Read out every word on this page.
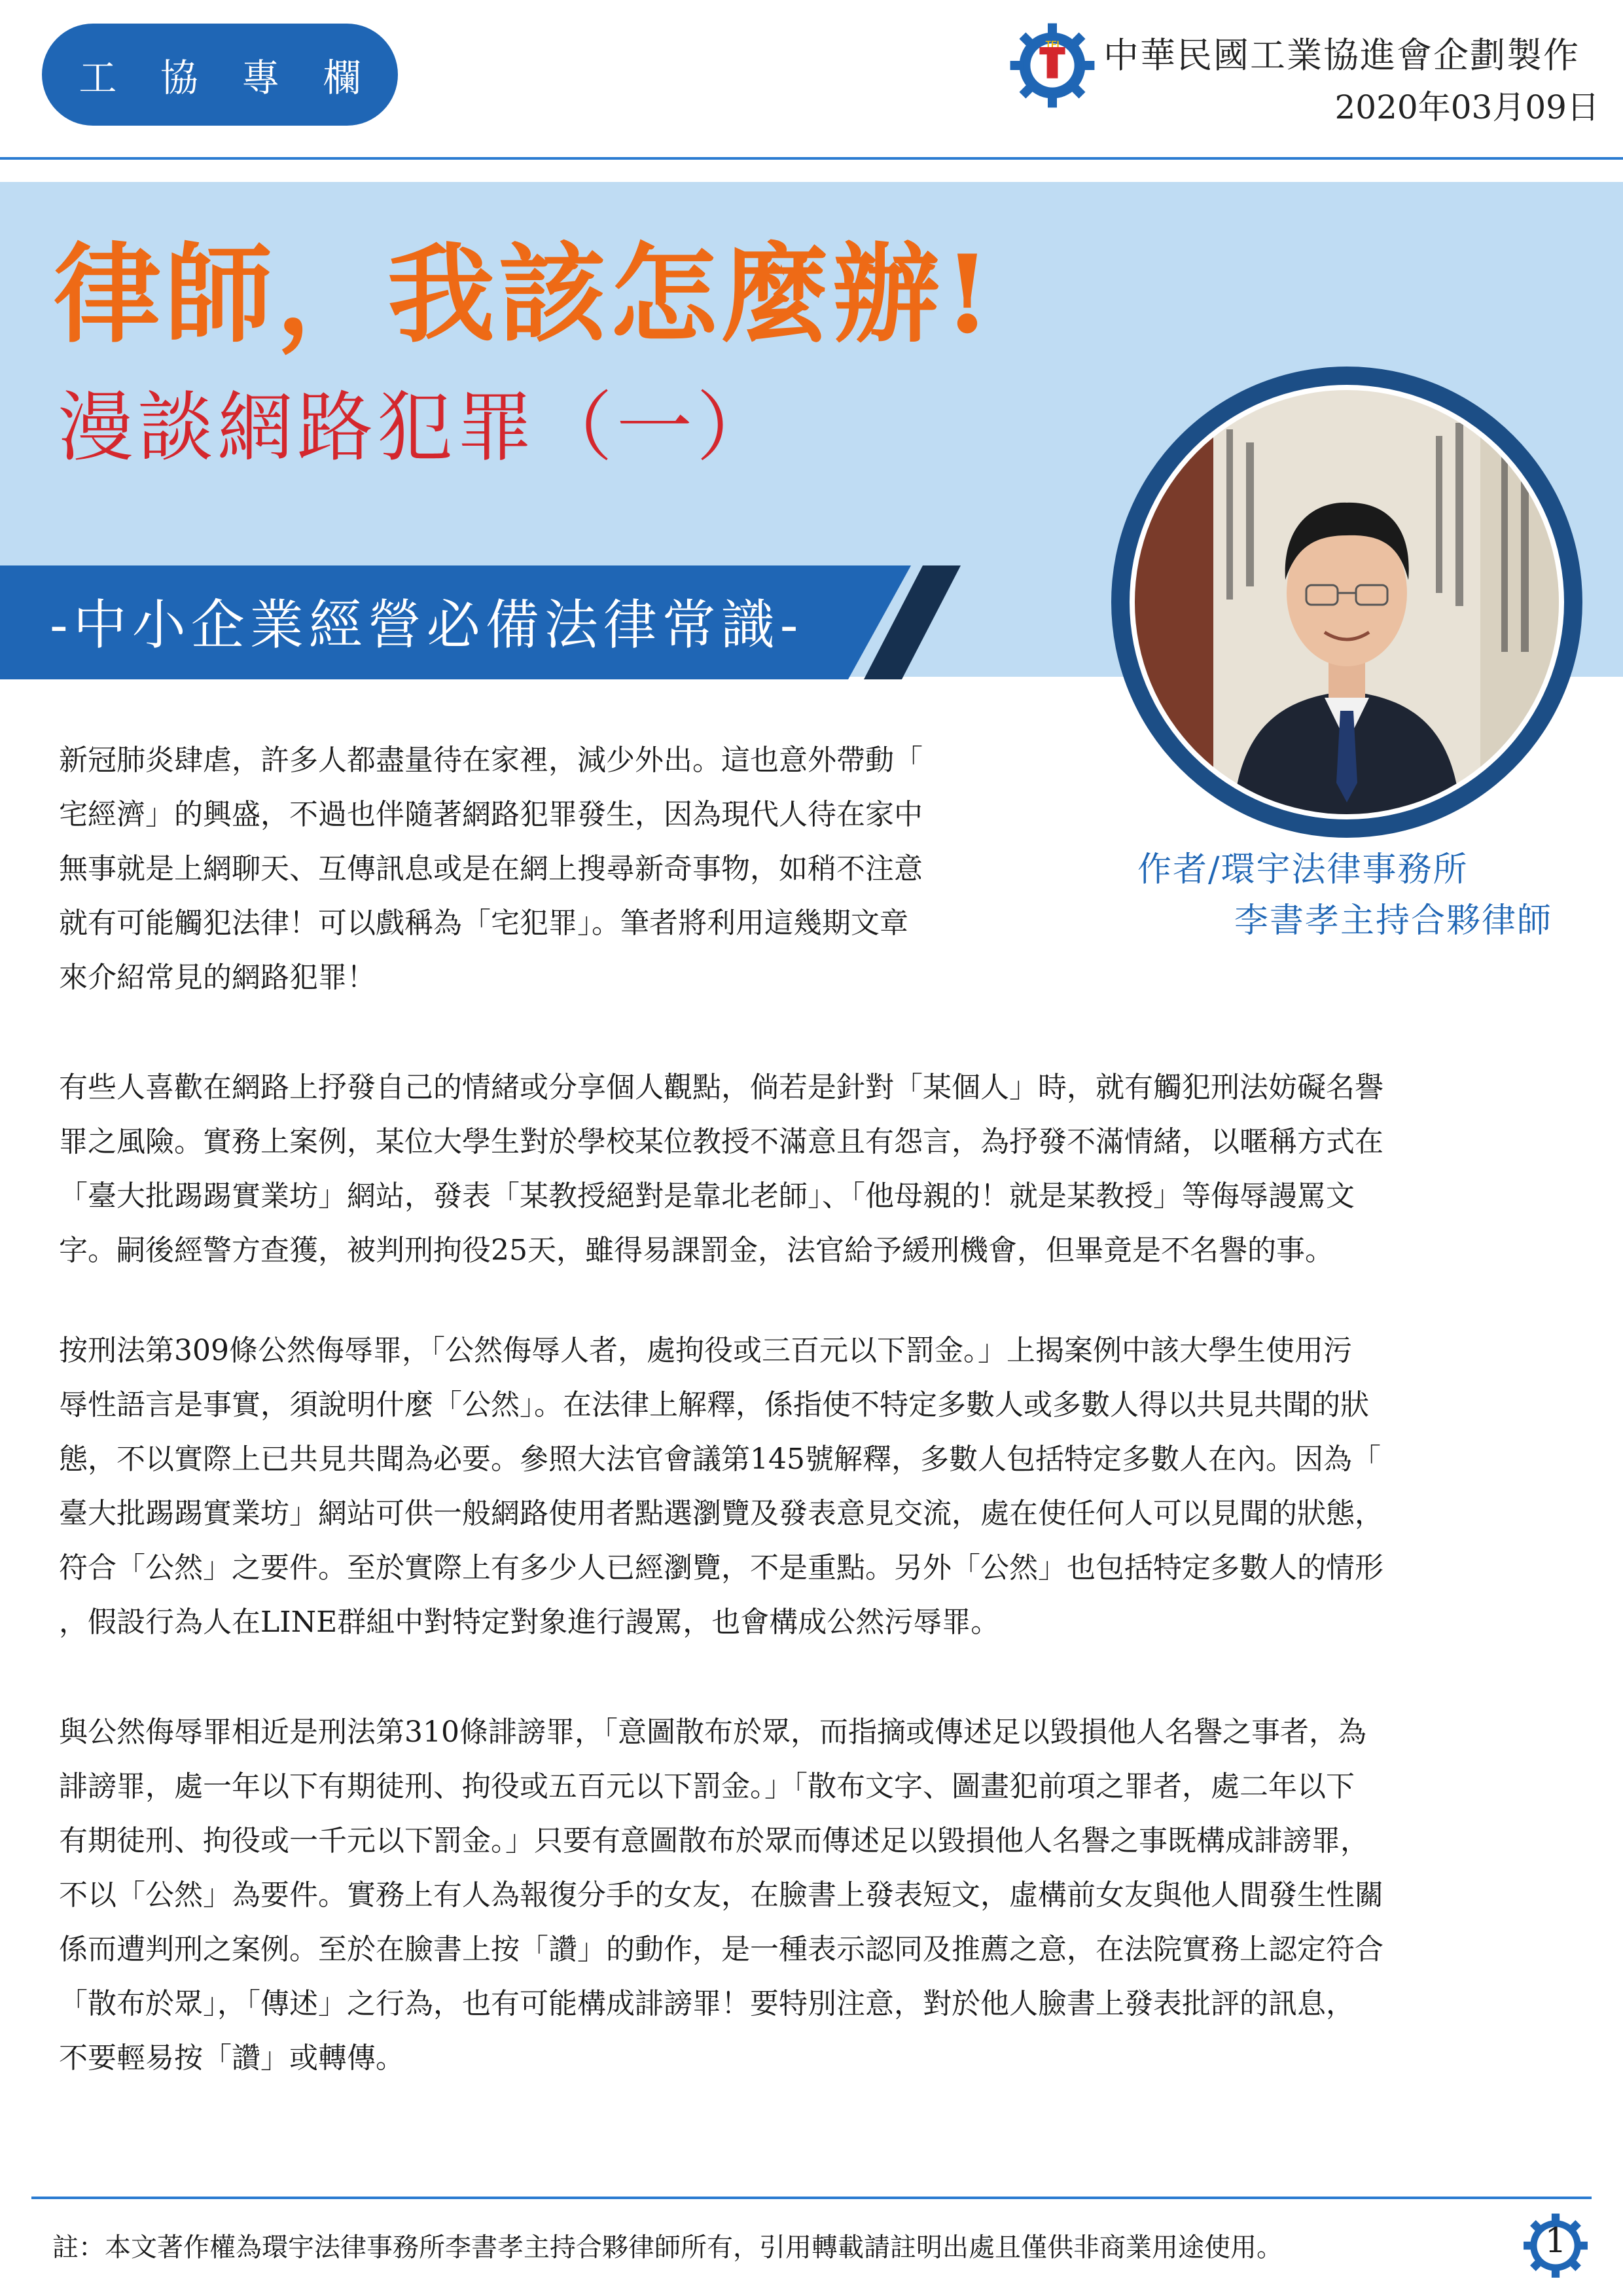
工 協 專 欄
TFI 中華民國工業協進會企劃製作
2020年03月09日
律師，我該怎麼辦!
漫談網路犯罪（一）
-中小企業經營必備法律常識-
作者/環宇法律事務所
李書孝主持合夥律師
新冠肺炎肆虐，許多人都盡量待在家裡，減少外出。這也意外帶動「
宅經濟」的興盛，不過也伴隨著網路犯罪發生，因為現代人待在家中
無事就是上網聊天、互傳訊息或是在網上搜尋新奇事物，如稍不注意
就有可能觸犯法律！可以戲稱為「宅犯罪」。筆者將利用這幾期文章
來介紹常見的網路犯罪！
有些人喜歡在網路上抒發自己的情緒或分享個人觀點，倘若是針對「某個人」時，就有觸犯刑法妨礙名譽
罪之風險。實務上案例，某位大學生對於學校某位教授不滿意且有怨言，為抒發不滿情緒，以暱稱方式在
「臺大批踢踢實業坊」網站，發表「某教授絕對是靠北老師」、「他母親的！就是某教授」等侮辱謾罵文
字。嗣後經警方查獲，被判刑拘役25天，雖得易課罰金，法官給予緩刑機會，但畢竟是不名譽的事。
按刑法第309條公然侮辱罪，「公然侮辱人者，處拘役或三百元以下罰金。」上揭案例中該大學生使用污
辱性語言是事實，須說明什麼「公然」。在法律上解釋，係指使不特定多數人或多數人得以共見共聞的狀
態，不以實際上已共見共聞為必要。參照大法官會議第145號解釋，多數人包括特定多數人在內。因為「
臺大批踢踢實業坊」網站可供一般網路使用者點選瀏覽及發表意見交流，處在使任何人可以見聞的狀態，
符合「公然」之要件。至於實際上有多少人已經瀏覽，不是重點。另外「公然」也包括特定多數人的情形
，假設行為人在LINE群組中對特定對象進行謾罵，也會構成公然污辱罪。
與公然侮辱罪相近是刑法第310條誹謗罪，「意圖散布於眾，而指摘或傳述足以毀損他人名譽之事者，為
誹謗罪，處一年以下有期徒刑、拘役或五百元以下罰金。」「散布文字、圖畫犯前項之罪者，處二年以下
有期徒刑、拘役或一千元以下罰金。」只要有意圖散布於眾而傳述足以毀損他人名譽之事既構成誹謗罪，
不以「公然」為要件。實務上有人為報復分手的女友，在臉書上發表短文，虛構前女友與他人間發生性關
係而遭判刑之案例。至於在臉書上按「讚」的動作，是一種表示認同及推薦之意，在法院實務上認定符合
「散布於眾」，「傳述」之行為，也有可能構成誹謗罪！要特別注意，對於他人臉書上發表批評的訊息，
不要輕易按「讚」或轉傳。
註：本文著作權為環宇法律事務所李書孝主持合夥律師所有，引用轉載請註明出處且僅供非商業用途使用。	1
